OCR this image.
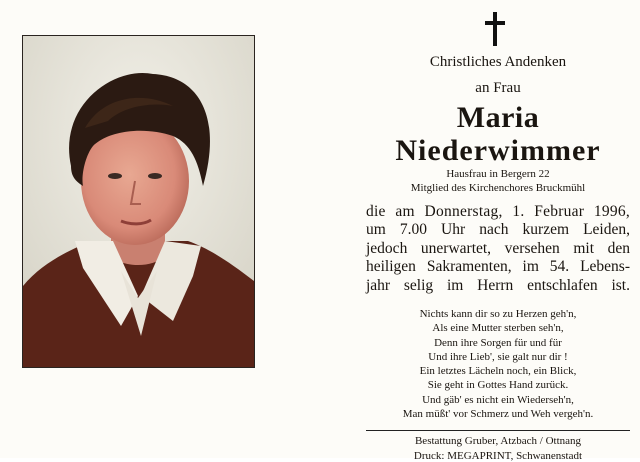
Christliches Andenken
an Frau
Maria
Niederwimmer
Hausfrau in Bergern 22
Mitglied des Kirchenchores Bruckmühl
die am Donnerstag, 1. Februar 1996,
um 7.00 Uhr nach kurzem Leiden,
jedoch unerwartet, versehen mit den
heiligen Sakramenten, im 54. Lebens-
jahr selig im Herrn entschlafen ist.
Nichts kann dir so zu Herzen geh'n,
Als eine Mutter sterben seh'n,
Denn ihre Sorgen für und für
Und ihre Lieb', sie galt nur dir !
Ein letztes Lächeln noch, ein Blick,
Sie geht in Gottes Hand zurück.
Und gäb' es nicht ein Wiederseh'n,
Man müßt' vor Schmerz und Weh vergeh'n.
Bestattung Gruber, Atzbach / Ottnang
Druck: MEGAPRINT, Schwanenstadt
